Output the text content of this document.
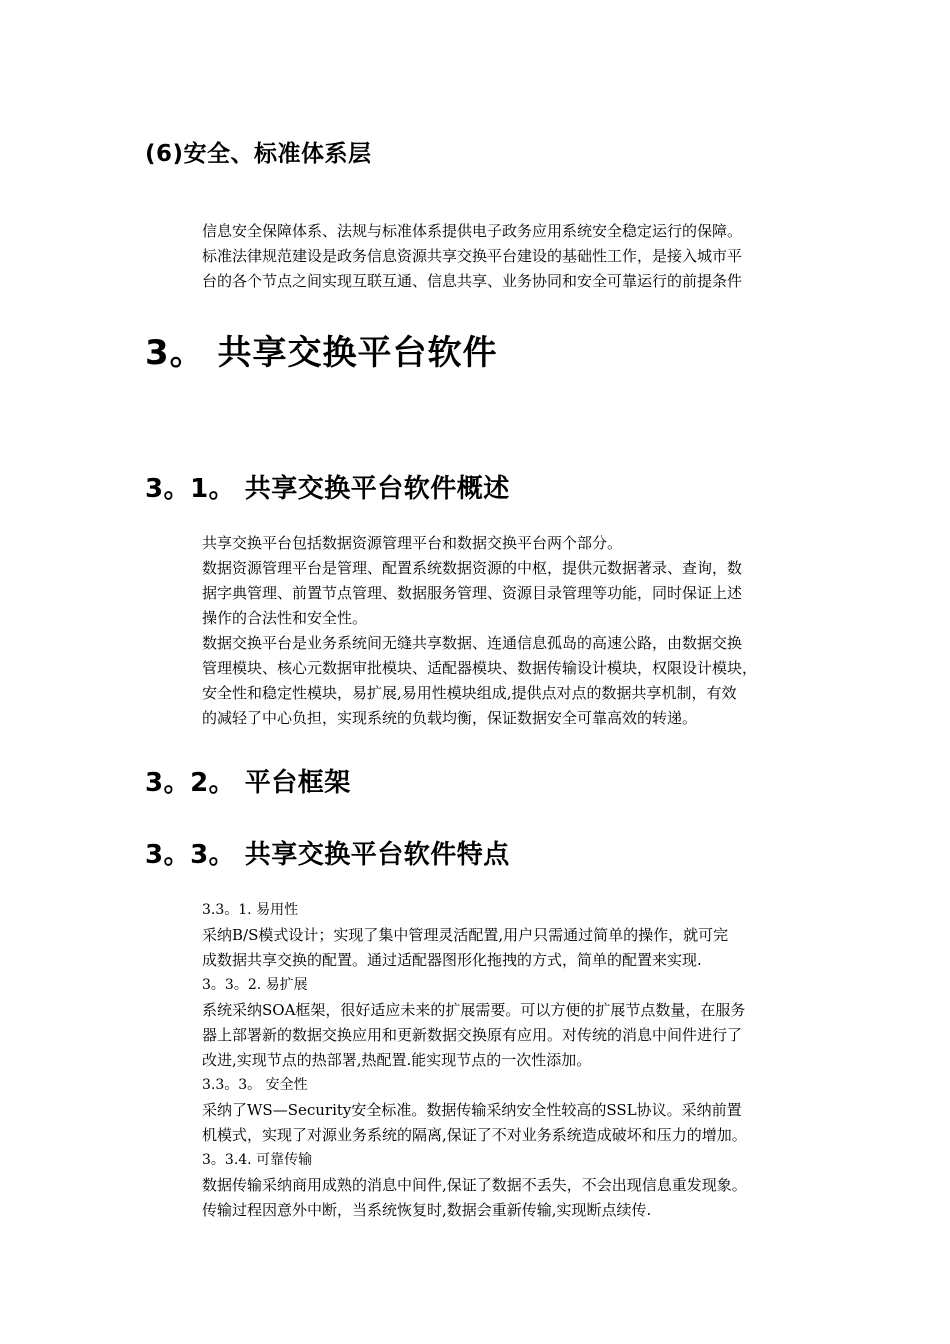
(6)安全、标准体系层
信息安全保障体系、法规与标准体系提供电子政务应用系统安全稳定运行的保障。
标准法律规范建设是政务信息资源共享交换平台建设的基础性工作，是接入城市平
台的各个节点之间实现互联互通、信息共享、业务协同和安全可靠运行的前提条件
3。 共享交换平台软件
3。1。 共享交换平台软件概述
共享交换平台包括数据资源管理平台和数据交换平台两个部分。
数据资源管理平台是管理、配置系统数据资源的中枢，提供元数据著录、查询，数
据字典管理、前置节点管理、数据服务管理、资源目录管理等功能，同时保证上述
操作的合法性和安全性。
数据交换平台是业务系统间无缝共享数据、连通信息孤岛的高速公路，由数据交换
管理模块、核心元数据审批模块、适配器模块、数据传输设计模块，权限设计模块，
安全性和稳定性模块，易扩展,易用性模块组成,提供点对点的数据共享机制，有效
的减轻了中心负担，实现系统的负载均衡，保证数据安全可靠高效的转递。
3。2。 平台框架
3。3。 共享交换平台软件特点
3.3。1. 易用性
采纳B/S模式设计；实现了集中管理灵活配置,用户只需通过简单的操作，就可完
成数据共享交换的配置。通过适配器图形化拖拽的方式，简单的配置来实现.
3。3。2. 易扩展
系统采纳SOA框架，很好适应未来的扩展需要。可以方便的扩展节点数量，在服务
器上部署新的数据交换应用和更新数据交换原有应用。对传统的消息中间件进行了
改进,实现节点的热部署,热配置.能实现节点的一次性添加。
3.3。3。 安全性
采纳了WS—Security安全标准。数据传输采纳安全性较高的SSL协议。采纳前置
机模式，实现了对源业务系统的隔离,保证了不对业务系统造成破坏和压力的增加。
3。3.4. 可靠传输
数据传输采纳商用成熟的消息中间件,保证了数据不丢失，不会出现信息重发现象。
传输过程因意外中断，当系统恢复时,数据会重新传输,实现断点续传.
